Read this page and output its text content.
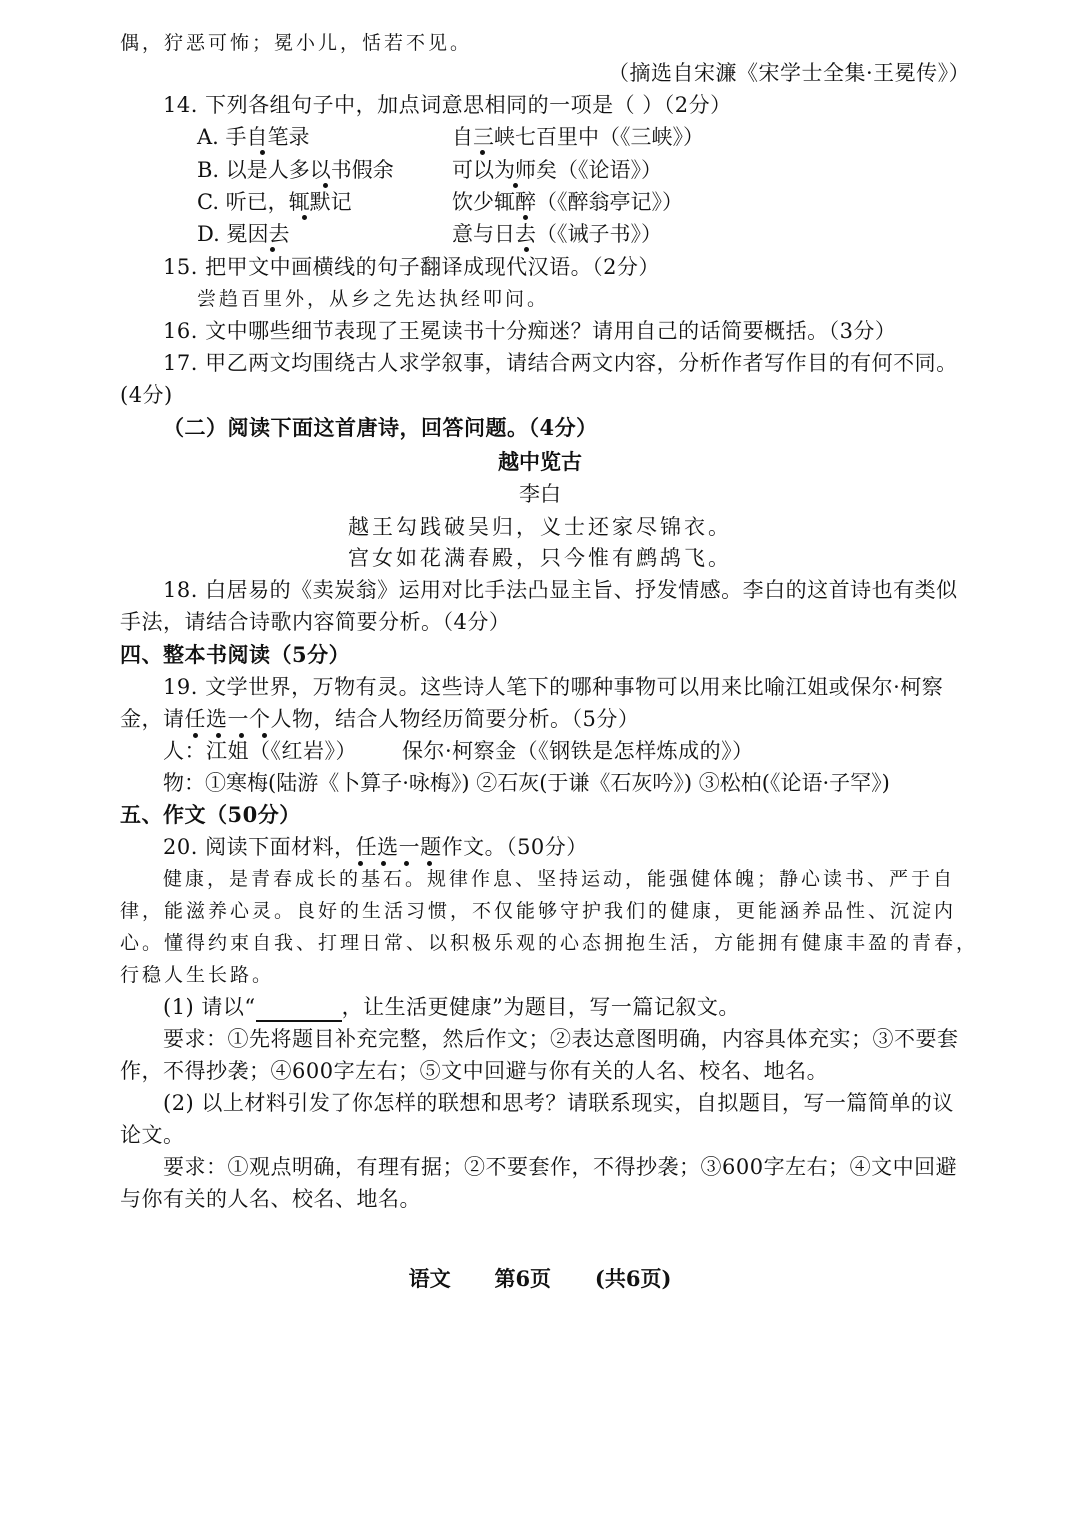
偶，狞恶可怖；冕小儿，恬若不见。
（摘选自宋濂《宋学士全集·王冕传》）
14. 下列各组句子中，加点词意思相同的一项是（ ）（2分）
A. 手自笔录	自三峡七百里中（《三峡》）
B. 以是人多以书假余	可以为师矣（《论语》）
C. 听已，辄默记	饮少辄醉（《醉翁亭记》）
D. 冕因去	意与日去（《诫子书》）
15. 把甲文中画横线的句子翻译成现代汉语。（2分）
尝趋百里外，从乡之先达执经叩问。
16. 文中哪些细节表现了王冕读书十分痴迷？请用自己的话简要概括。（3分）
17. 甲乙两文均围绕古人求学叙事，请结合两文内容，分析作者写作目的有何不同。
(4分)
（二）阅读下面这首唐诗，回答问题。（4分）
越中览古
李白
越王勾践破吴归，义士还家尽锦衣。
宫女如花满春殿，只今惟有鹧鸪飞。
18. 白居易的《卖炭翁》运用对比手法凸显主旨、抒发情感。李白的这首诗也有类似
手法，请结合诗歌内容简要分析。（4分）
四、整本书阅读（5分）
19. 文学世界，万物有灵。这些诗人笔下的哪种事物可以用来比喻江姐或保尔·柯察
金，请任选一个人物，结合人物经历简要分析。（5分）
人：江姐（《红岩》） 保尔·柯察金（《钢铁是怎样炼成的》）
物：①寒梅(陆游《卜算子·咏梅》) ②石灰(于谦《石灰吟》) ③松柏(《论语·子罕》)
五、作文（50分）
20. 阅读下面材料，任选一题作文。（50分）
健康，是青春成长的基石。规律作息、坚持运动，能强健体魄；静心读书、严于自
律，能滋养心灵。良好的生活习惯，不仅能够守护我们的健康，更能涵养品性、沉淀内
心。懂得约束自我、打理日常、以积极乐观的心态拥抱生活，方能拥有健康丰盈的青春，
行稳人生长路。
(1) 请以“	，让生活更健康”为题目，写一篇记叙文。
要求：①先将题目补充完整，然后作文；②表达意图明确，内容具体充实；③不要套
作，不得抄袭；④600字左右；⑤文中回避与你有关的人名、校名、地名。
(2) 以上材料引发了你怎样的联想和思考？请联系现实，自拟题目，写一篇简单的议
论文。
要求：①观点明确，有理有据；②不要套作，不得抄袭；③600字左右；④文中回避
与你有关的人名、校名、地名。
语文      第6页      (共6页)
